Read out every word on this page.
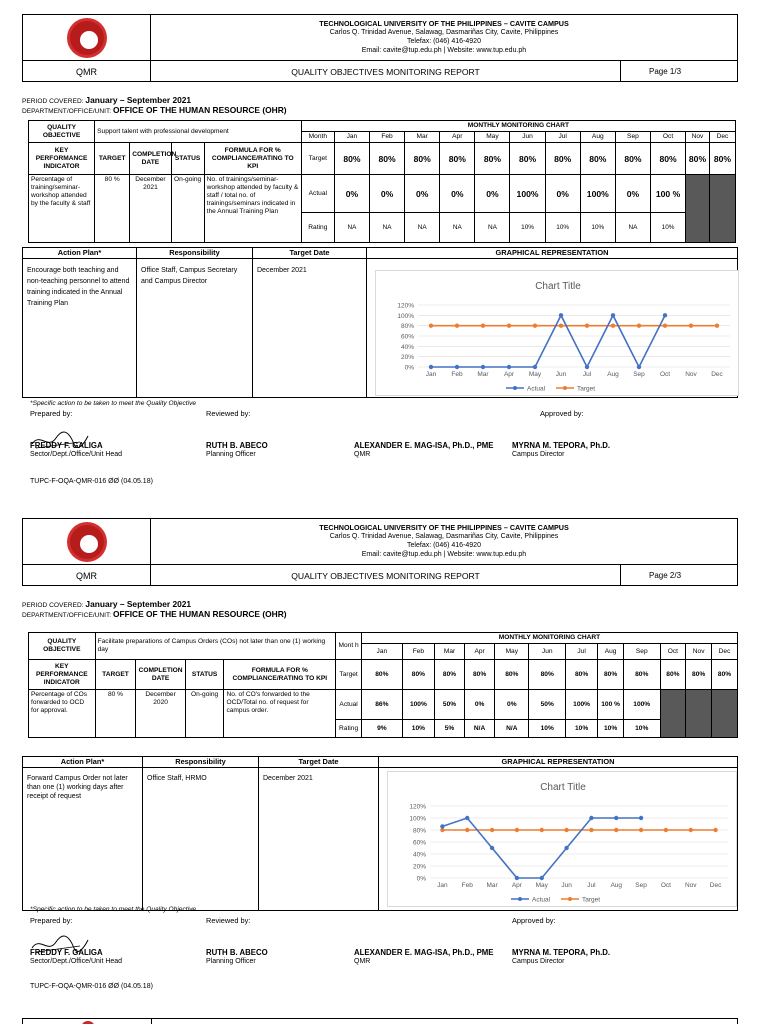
TECHNOLOGICAL UNIVERSITY OF THE PHILIPPINES – CAVITE CAMPUS
Carlos Q. Trinidad Avenue, Salawag, Dasmariñas City, Cavite, Philippines
Telefax: (046) 416-4920
Email: cavite@tup.edu.ph | Website: www.tup.edu.ph
QMR	QUALITY OBJECTIVES MONITORING REPORT	Page 1/3
PERIOD COVERED: January – September 2021
DEPARTMENT/OFFICE/UNIT: OFFICE OF THE HUMAN RESOURCE (OHR)
QUALITY OBJECTIVE	Support talent with professional development				MONTHLY MONITORING CHART												
					Month	Jan	Feb	Mar	Apr	May	Jun	Jul	Aug	Sep	Oct	Nov	Dec
KEY PERFORMANCE INDICATOR	TARGET	COMPLETION DATE	STATUS	FORMULA FOR % COMPLIANCE/RATING TO KPI	Target	80%	80%	80%	80%	80%	80%	80%	80%	80%	80%	80%	80%
Percentage of training/seminar-workshop attended by the faculty & staff	80 %	December 2021	On-going	No. of trainings/seminar-workshop attended by faculty & staff / total no. of trainings/seminars indicated in the Annual Training Plan	Actual	0%	0%	0%	0%	0%	100%	0%	100%	0%	100 %		
					Rating	NA	NA	NA	NA	NA	10%	10%	10%	NA	10%		
Action Plan*	Responsibility	Target Date	GRAPHICAL REPRESENTATION
Encourage both teaching and non-teaching personnel to attend training indicated in the Annual Training Plan
Office Staff, Campus Secretary and Campus Director
December 2021
Chart Title
0%
20%
40%
60%
80%
100%
120%
Jan Feb Mar Apr May Jun	Jul Aug Sep Oct Nov Dec
Actual	Target
*Specific action to be taken to meet the Quality Objective
Prepared by:	Reviewed by:	Approved by:
FREDDY F. GALIGA
Sector/Dept./Office/Unit Head
RUTH B. ABECO
Planning Officer
ALEXANDER E. MAG-ISA, Ph.D., PME
QMR
MYRNA M. TEPORA, Ph.D.
Campus Director
TUPC-F-OQA-QMR-016 ØØ (04.05.18)
TECHNOLOGICAL UNIVERSITY OF THE PHILIPPINES – CAVITE CAMPUS
Carlos Q. Trinidad Avenue, Salawag, Dasmariñas City, Cavite, Philippines
Telefax: (046) 416-4920
Email: cavite@tup.edu.ph | Website: www.tup.edu.ph
QMR	QUALITY OBJECTIVES MONITORING REPORT	Page 2/3
PERIOD COVERED: January – September 2021
DEPARTMENT/OFFICE/UNIT: OFFICE OF THE HUMAN RESOURCE (OHR)
QUALITY OBJECTIVE	Facilitate preparations of Campus Orders (COs) not later than one (1) working day				Mont h	MONTHLY MONITORING CHART											
						Jan	Feb	Mar	Apr	May	Jun	Jul	Aug	Sep	Oct	Nov	Dec
KEY PERFORMANCE INDICATOR	TARGET	COMPLETION DATE	STATUS	FORMULA FOR % COMPLIANCE/RATING TO KPI	Target	80%	80%	80%	80%	80%	80%	80%	80%	80%	80%	80%	80%
Percentage of COs forwarded to OCD for approval.	80 %	December 2020	On-going	No. of CO's forwarded to the OCD/Total no. of request for campus order.	Actual	86%	100%	50%	0%	0%	50%	100%	100 %	100%			
					Rating	9%	10%	5%	N/A	N/A	10%	10%	10%	10%			
Action Plan*	Responsibility	Target Date	GRAPHICAL REPRESENTATION
Forward Campus Order not later than one (1) working days after receipt of request
Office Staff, HRMO	December 2021
Chart Title
0%
20%
40%
60%
80%
100%
120%
Jan Feb Mar Apr May Jun Jul Aug Sep Oct Nov Dec
Actual	Target
*Specific action to be taken to meet the Quality Objective
Prepared by:	Reviewed by:	Approved by:
FREDDY F. GALIGA
Sector/Dept./Office/Unit Head
RUTH B. ABECO
Planning Officer
ALEXANDER E. MAG-ISA, Ph.D., PME
QMR
MYRNA M. TEPORA, Ph.D.
Campus Director
TUPC-F-OQA-QMR-016 ØØ (04.05.18)
